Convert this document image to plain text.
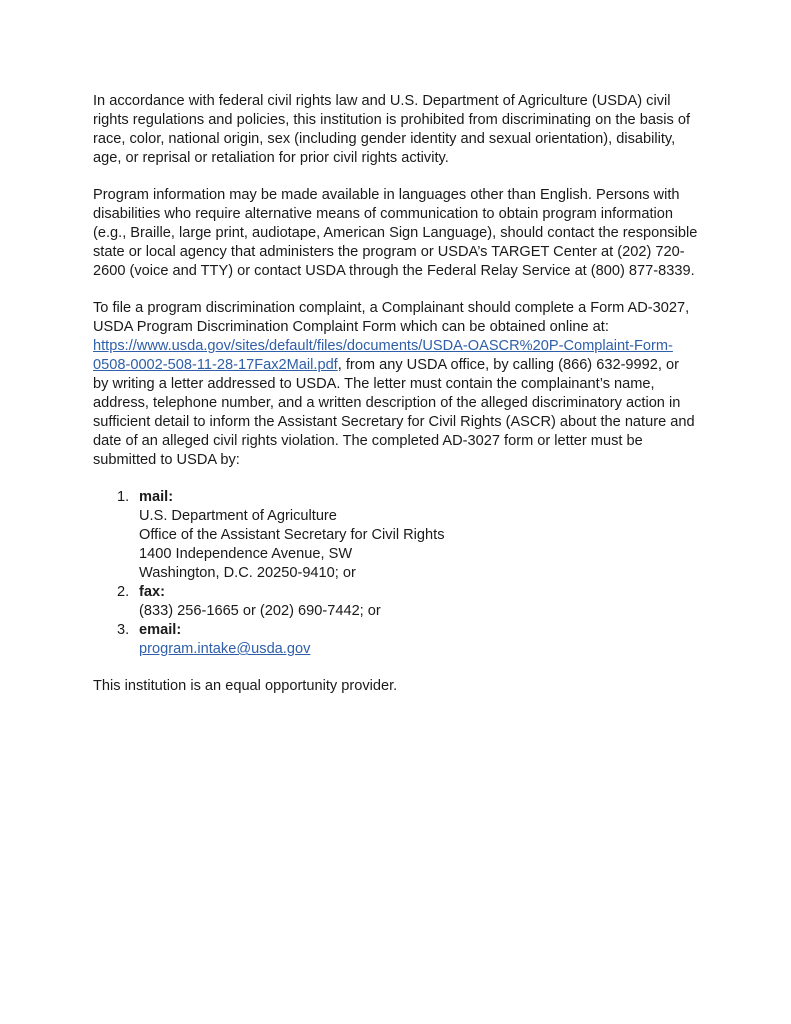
In accordance with federal civil rights law and U.S. Department of Agriculture (USDA) civil rights regulations and policies, this institution is prohibited from discriminating on the basis of race, color, national origin, sex (including gender identity and sexual orientation), disability, age, or reprisal or retaliation for prior civil rights activity.

Program information may be made available in languages other than English. Persons with disabilities who require alternative means of communication to obtain program information (e.g., Braille, large print, audiotape, American Sign Language), should contact the responsible state or local agency that administers the program or USDA’s TARGET Center at (202) 720-2600 (voice and TTY) or contact USDA through the Federal Relay Service at (800) 877-8339.

To file a program discrimination complaint, a Complainant should complete a Form AD-3027, USDA Program Discrimination Complaint Form which can be obtained online at: https://www.usda.gov/sites/default/files/documents/USDA-OASCR%20P-Complaint-Form-0508-0002-508-11-28-17Fax2Mail.pdf, from any USDA office, by calling (866) 632-9992, or by writing a letter addressed to USDA. The letter must contain the complainant’s name, address, telephone number, and a written description of the alleged discriminatory action in sufficient detail to inform the Assistant Secretary for Civil Rights (ASCR) about the nature and date of an alleged civil rights violation. The completed AD-3027 form or letter must be submitted to USDA by:

1. mail:
U.S. Department of Agriculture
Office of the Assistant Secretary for Civil Rights
1400 Independence Avenue, SW
Washington, D.C. 20250-9410; or
2. fax:
(833) 256-1665 or (202) 690-7442; or
3. email:
program.intake@usda.gov

This institution is an equal opportunity provider.
